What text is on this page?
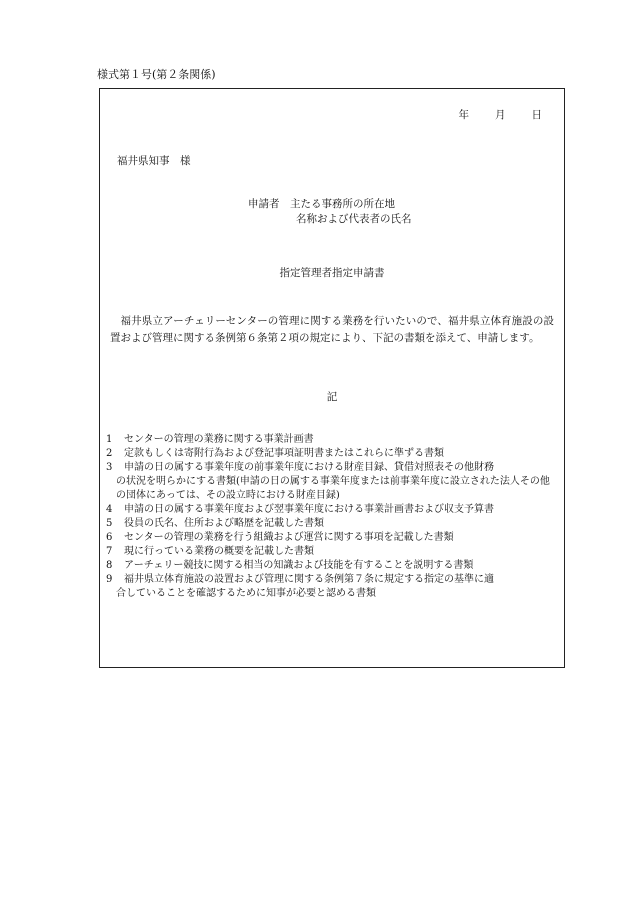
様式第１号(第２条関係)
年 月 日
福井県知事　様
申請者　主たる事務所の所在地
名称および代表者の氏名
指定管理者指定申請書
福井県立アーチェリーセンターの管理に関する業務を行いたいので、福井県立体育施設の設置および管理に関する条例第６条第２項の規定により、下記の書類を添えて、申請します。
記
1	センターの管理の業務に関する事業計画書
2	定款もしくは寄附行為および登記事項証明書またはこれらに準ずる書類
3	申請の日の属する事業年度の前事業年度における財産目録、貸借対照表その他財務
の状況を明らかにする書類(申請の日の属する事業年度または前事業年度に設立された法人その他の団体にあっては、その設立時における財産目録)
4	申請の日の属する事業年度および翌事業年度における事業計画書および収支予算書
5	役員の氏名、住所および略歴を記載した書類
6	センターの管理の業務を行う組織および運営に関する事項を記載した書類
7	現に行っている業務の概要を記載した書類
8	アーチェリー競技に関する相当の知識および技能を有することを説明する書類
9	福井県立体育施設の設置および管理に関する条例第７条に規定する指定の基準に適
合していることを確認するために知事が必要と認める書類
